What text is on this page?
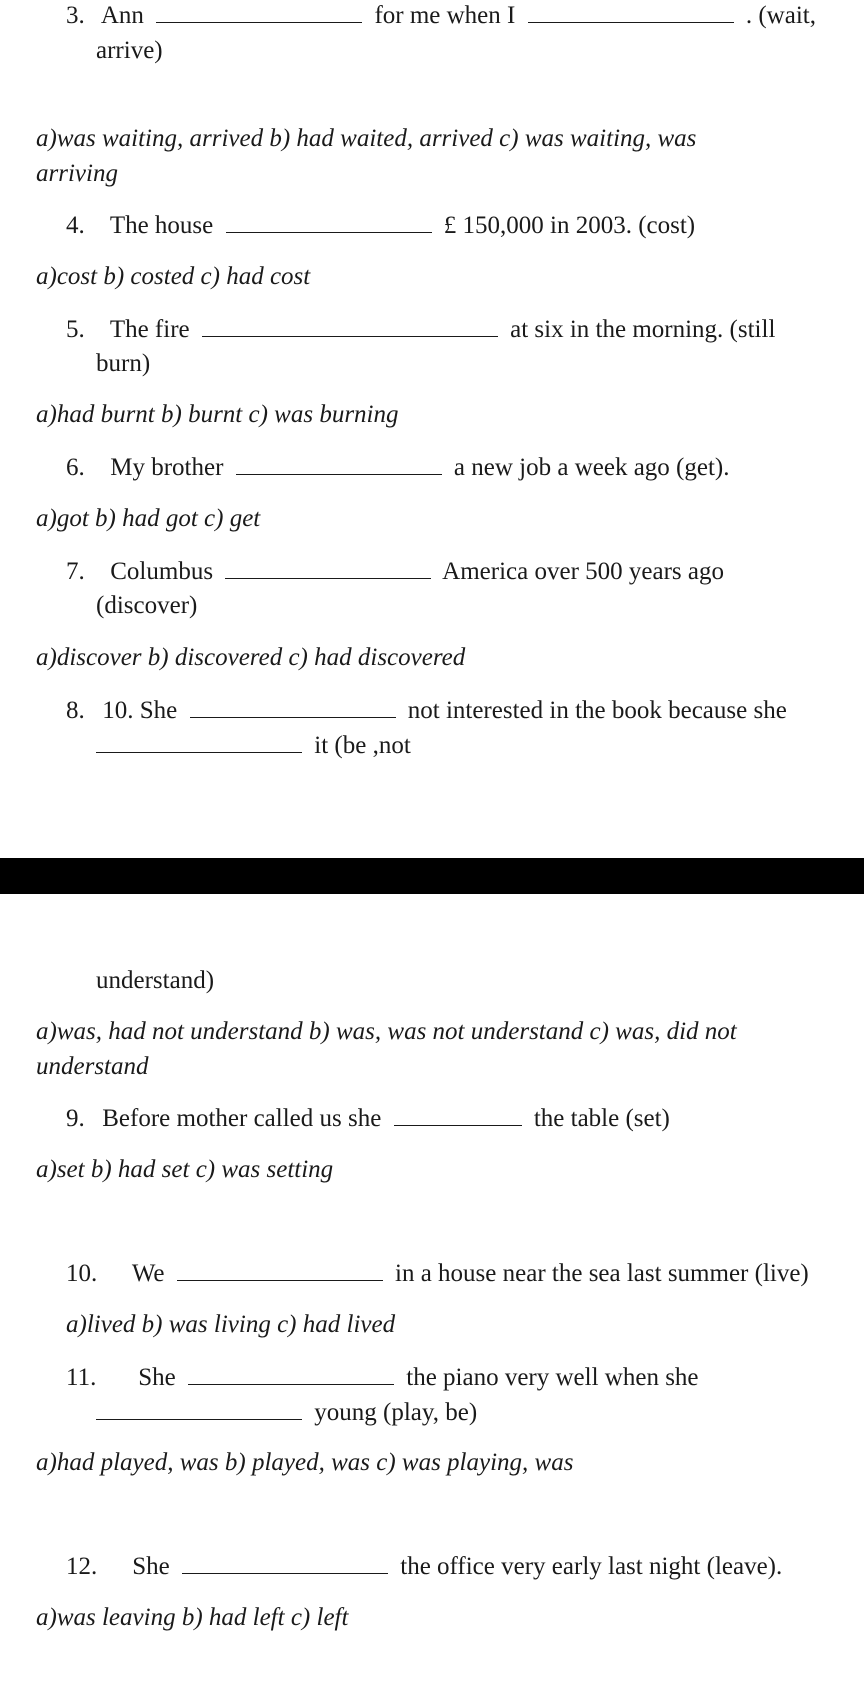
3. Ann	for me when I	. (wait,
arrive)
a)was waiting, arrived b) had waited, arrived c) was waiting, was
arriving
4. The house	£ 150,000 in 2003. (cost)
a)cost b) costed c) had cost
5. The fire	at six in the morning. (still
burn)
a)had burnt b) burnt c) was burning
6. My brother	a new job a week ago (get).
a)got b) had got c) get
7. Columbus	America over 500 years ago
(discover)
a)discover b) discovered c) had discovered
8. 10. She	not interested in the book because she
it (be ,not
understand)
a)was, had not understand b) was, was not understand c) was, did not
understand
9. Before mother called us she	the table (set)
a)set b) had set c) was setting
10. We	in a house near the sea last summer (live)
a)lived b) was living c) had lived
11. She	the piano very well when she
young (play, be)
a)had played, was b) played, was c) was playing, was
12. She	the office very early last night (leave).
a)was leaving b) had left c) left
